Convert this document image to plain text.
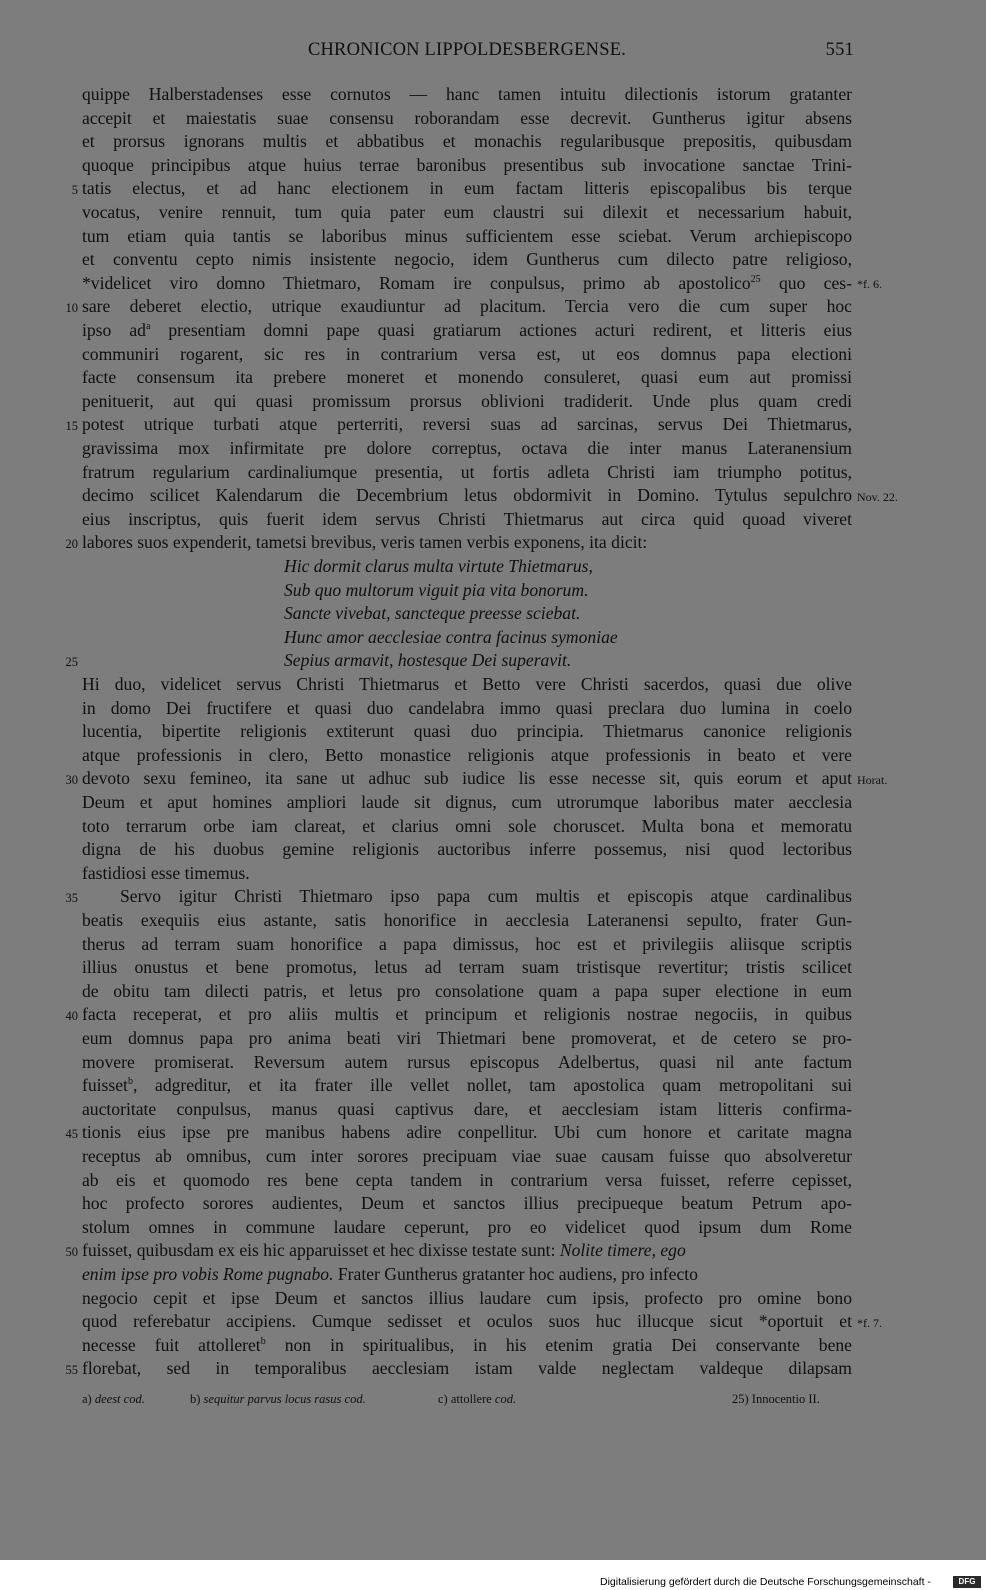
CHRONICON LIPPOLDESBERGENSE.	551
quippe Halberstadenses esse cornutos — hanc tamen intuitu dilectionis istorum gratanter
accepit et maiestatis suae consensu roborandam esse decrevit. Guntherus igitur absens
et prorsus ignorans multis et abbatibus et monachis regularibusque prepositis, quibusdam
quoque principibus atque huius terrae baronibus presentibus sub invocatione sanctae Trini-
tatis electus, et ad hanc electionem in eum factam litteris episcopalibus bis terque
vocatus, venire rennuit, tum quia pater eum claustri sui dilexit et necessarium habuit,
tum etiam quia tantis se laboribus minus sufficientem esse sciebat. Verum archiepiscopo
et conventu cepto nimis insistente negocio, idem Guntherus cum dilecto patre religioso,
*videlicet viro domno Thietmaro, Romam ire conpulsus, primo ab apostolico$^{25}$ quo ces-
sare deberet electio, utrique exaudiuntur ad placitum. Tercia vero die cum super hoc
ipso $ad^a$ presentiam domni pape quasi gratiarum actiones acturi redirent, et litteris eius
communiri rogarent, sic res in contrarium versa est, ut eos domnus papa electioni
facte consensum ita prebere moneret et monendo consuleret, quasi eum aut promissi
penituerit, aut qui quasi promissum prorsus oblivioni tradiderit. Unde plus quam credi
potest utrique turbati atque perterriti, reversi suas ad sarcinas, servus Dei Thietmarus,
gravissima mox infirmitate pre dolore correptus, octava die inter manus Lateranensium
fratrum regularium cardinaliumque presentia, ut fortis adleta Christi iam triumpho potitus,
decimo scilicet Kalendarum die Decembrium letus obdormivit in Domino. Tytulus sepulchro
eius inscriptus, quis fuerit idem servus Christi Thietmarus aut circa quid quoad viveret
labores suos expenderit, tametsi brevibus, veris tamen verbis exponens, ita dicit:
Hic dormit clarus multa virtute Thietmarus,
Sub quo multorum viguit pia vita bonorum.
Sancte vivebat, sancteque preesse sciebat.
Hunc amor aecclesiae contra facinus symoniae
Sepius armavit, hostesque Dei superavit.
Hi duo, videlicet servus Christi Thietmarus et Betto vere Christi sacerdos, quasi due olive
in domo Dei fructifere et quasi duo candelabra immo quasi preclara duo lumina in coelo
lucentia, bipertite religionis extiterunt quasi duo principia. Thietmarus canonice religionis
atque professionis in clero, Betto monastice religionis atque professionis in beato et vere
devoto sexu femineo, ita sane ut adhuc sub iudice lis esse necesse sit, quis eorum et aput
Deum et aput homines ampliori laude sit dignus, cum utrorumque laboribus mater aecclesia
toto terrarum orbe iam clareat, et clarius omni sole choruscet. Multa bona et memoratu
digna de his duobus gemine religionis auctoribus inferre possemus, nisi quod lectoribus
fastidiosi esse timemus.
Servo igitur Christi Thietmaro ipso papa cum multis et episcopis atque cardinalibus
beatis exequiis eius astante, satis honorifice in aecclesia Lateranensi sepulto, frater Gun-
therus ad terram suam honorifice a papa dimissus, hoc est et privilegiis aliisque scriptis
illius onustus et bene promotus, letus ad terram suam tristisque revertitur; tristis scilicet
de obitu tam dilecti patris, et letus pro consolatione quam a papa super electione in eum
facta receperat, et pro aliis multis et principum et religionis nostrae negociis, in quibus
eum domnus papa pro anima beati viri Thietmari bene promoverat, et de cetero se pro-
movere promiserat. Reversum autem rursus episcopus Adelbertus, quasi nil ante factum
fuisset$^b$, adgreditur, et ita frater ille vellet nollet, tam apostolica quam metropolitani sui
auctoritate conpulsus, manus quasi captivus dare, et aecclesiam istam litteris confirma-
tionis eius ipse pre manibus habens adire conpellitur. Ubi cum honore et caritate magna
receptus ab omnibus, cum inter sorores precipuam viae suae causam fuisse quo absolveretur
ab eis et quomodo res bene cepta tandem in contrarium versa fuisset, referre cepisset,
hoc profecto sorores audientes, Deum et sanctos illius precipueque beatum Petrum apo-
stolum omnes in commune laudare ceperunt, pro eo videlicet quod ipsum dum Rome
fuisset, quibusdam ex eis hic apparuisset et hec dixisse testate sunt: Nolite timere, ego
enim ipse pro vobis Rome pugnabo. Frater Guntherus gratanter hoc audiens, pro infecto
negocio cepit et ipse Deum et sanctos illius laudare cum ipsis, profecto pro omine bono
quod referebatur accipiens. Cumque sedisset et oculos suos huc illucque sicut *oportuit et
necesse fuit attolleret$^b$ non in spiritualibus, in his etenim gratia Dei conservante bene
florebat, sed in temporalibus aecclesiam istam valde neglectam valdeque dilapsam
5
10
15
20
25
30
35
40
45
50
55
*f. 6.
Nov. 22.
Horat.
*f. 7.
a) deest cod.	b) sequitur parvus locus rasus cod.	c) attollere cod.	25) Innocentio II.
Digitalisierung gefördert durch die Deutsche Forschungsgemeinschaft -	DFG
